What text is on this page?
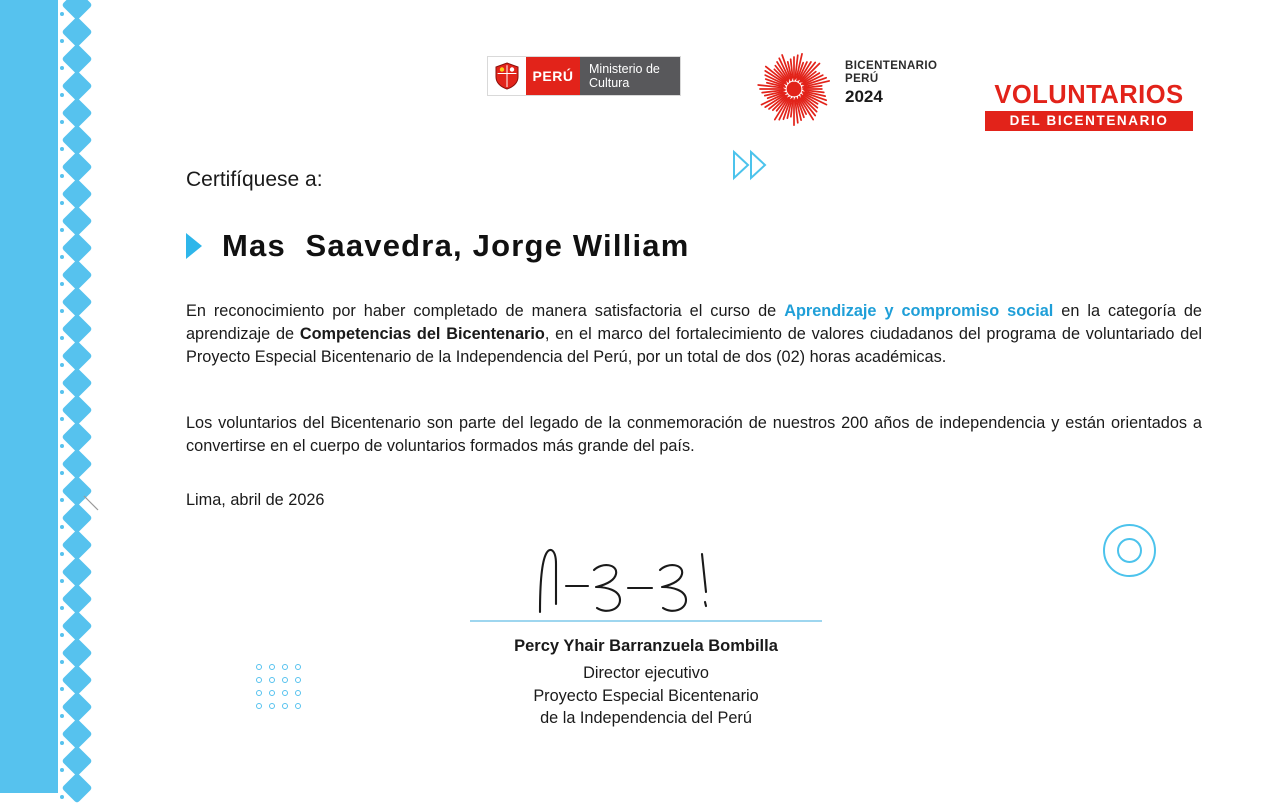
PERÚ	Ministerio de Cultura
BICENTENARIO
PERÚ
2024	VOLUNTARIOS
DEL BICENTENARIO
Certifíquese a:
Mas  Saavedra, Jorge William
En reconocimiento por haber completado de manera satisfactoria el curso de Aprendizaje y compromiso social en la categoría de aprendizaje de Competencias del Bicentenario, en el marco del fortalecimiento de valores ciudadanos del programa de voluntariado del Proyecto Especial Bicentenario de la Independencia del Perú, por un total de dos (02) horas académicas.
Los voluntarios del Bicentenario son parte del legado de la conmemoración de nuestros 200 años de independencia y están orientados a convertirse en el cuerpo de voluntarios formados más grande del país.
Lima, abril de 2026
Percy Yhair Barranzuela Bombilla
Director ejecutivo
Proyecto Especial Bicentenario
de la Independencia del Perú
